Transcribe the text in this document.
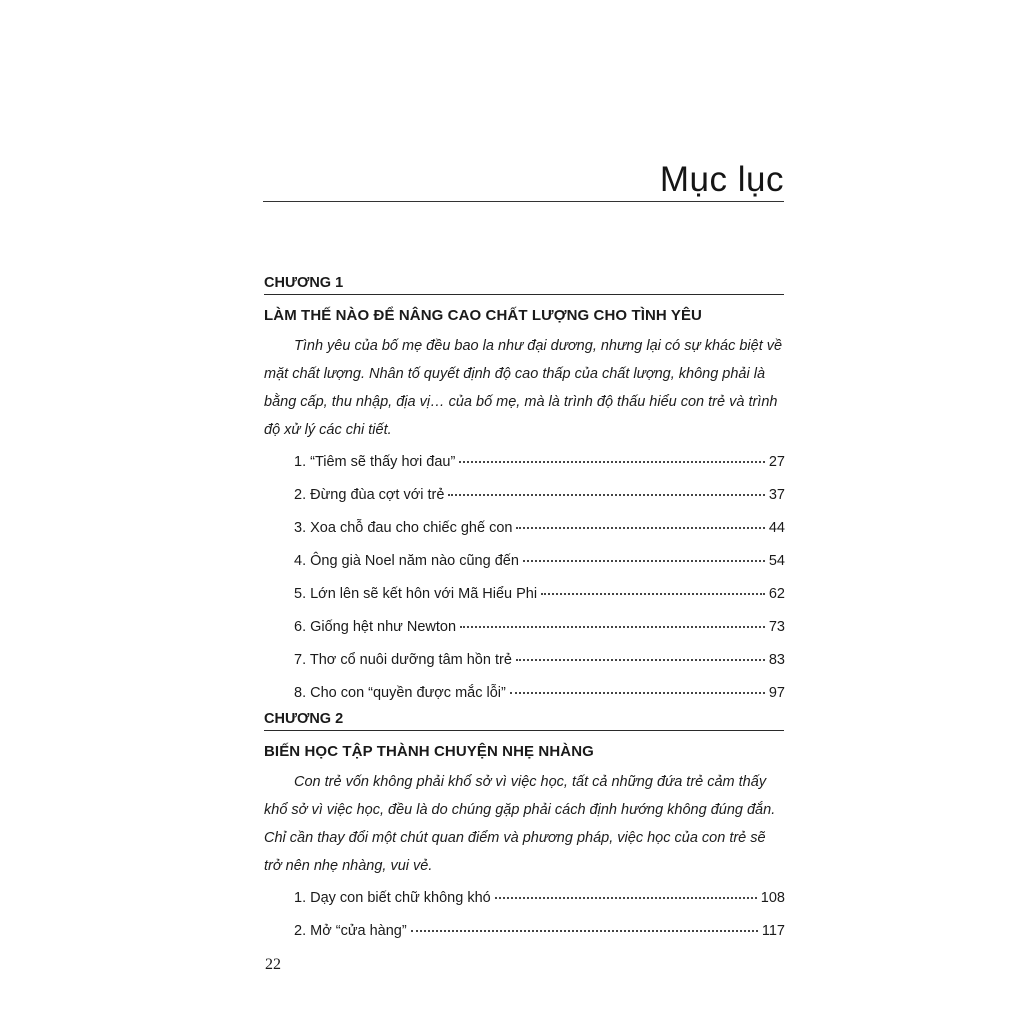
Mục lục
CHƯƠNG 1
LÀM THẾ NÀO ĐỂ NÂNG CAO CHẤT LƯỢNG CHO TÌNH YÊU

Tình yêu của bố mẹ đều bao la như đại dương, nhưng lại có sự khác biệt về mặt chất lượng. Nhân tố quyết định độ cao thấp của chất lượng, không phải là bằng cấp, thu nhập, địa vị… của bố mẹ, mà là trình độ thấu hiểu con trẻ và trình độ xử lý các chi tiết.

1. “Tiêm sẽ thấy hơi đau”	27
2. Đừng đùa cợt với trẻ	37
3. Xoa chỗ đau cho chiếc ghế con	44
4. Ông già Noel năm nào cũng đến	54
5. Lớn lên sẽ kết hôn với Mã Hiểu Phi	62
6. Giống hệt như Newton	73
7. Thơ cổ nuôi dưỡng tâm hồn trẻ	83
8. Cho con “quyền được mắc lỗi”	97
CHƯƠNG 2
BIẾN HỌC TẬP THÀNH CHUYỆN NHẸ NHÀNG

Con trẻ vốn không phải khổ sở vì việc học, tất cả những đứa trẻ cảm thấy khổ sở vì việc học, đều là do chúng gặp phải cách định hướng không đúng đắn. Chỉ cần thay đổi một chút quan điểm và phương pháp, việc học của con trẻ sẽ trở nên nhẹ nhàng, vui vẻ.

1. Dạy con biết chữ không khó	108
2. Mở “cửa hàng”	117

22
